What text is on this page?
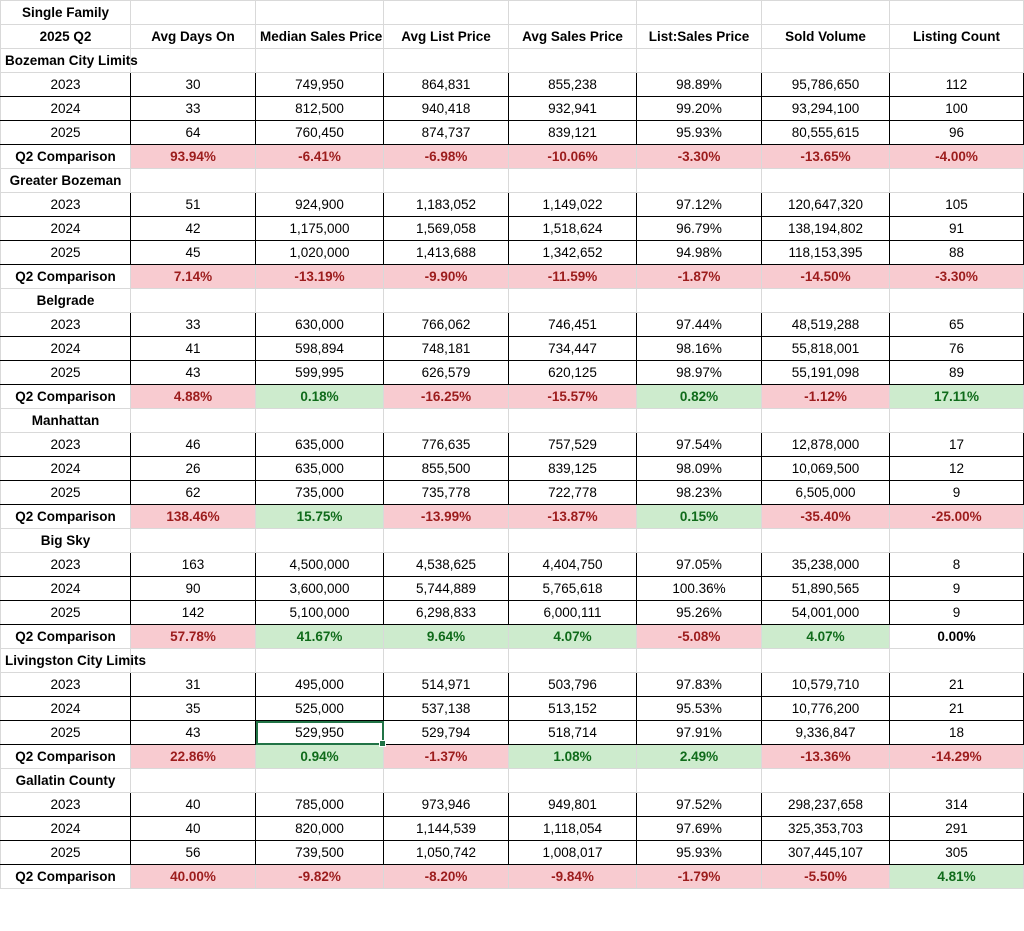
Single Family							
2025 Q2	Avg Days On	Median Sales Price	Avg List Price	Avg Sales Price	List:Sales Price	Sold Volume	Listing Count
Bozeman City Limits							
2023	30	749,950	864,831	855,238	98.89%	95,786,650	112
2024	33	812,500	940,418	932,941	99.20%	93,294,100	100
2025	64	760,450	874,737	839,121	95.93%	80,555,615	96
Q2 Comparison	93.94%	-6.41%	-6.98%	-10.06%	-3.30%	-13.65%	-4.00%
Greater Bozeman							
2023	51	924,900	1,183,052	1,149,022	97.12%	120,647,320	105
2024	42	1,175,000	1,569,058	1,518,624	96.79%	138,194,802	91
2025	45	1,020,000	1,413,688	1,342,652	94.98%	118,153,395	88
Q2 Comparison	7.14%	-13.19%	-9.90%	-11.59%	-1.87%	-14.50%	-3.30%
Belgrade							
2023	33	630,000	766,062	746,451	97.44%	48,519,288	65
2024	41	598,894	748,181	734,447	98.16%	55,818,001	76
2025	43	599,995	626,579	620,125	98.97%	55,191,098	89
Q2 Comparison	4.88%	0.18%	-16.25%	-15.57%	0.82%	-1.12%	17.11%
Manhattan							
2023	46	635,000	776,635	757,529	97.54%	12,878,000	17
2024	26	635,000	855,500	839,125	98.09%	10,069,500	12
2025	62	735,000	735,778	722,778	98.23%	6,505,000	9
Q2 Comparison	138.46%	15.75%	-13.99%	-13.87%	0.15%	-35.40%	-25.00%
Big Sky							
2023	163	4,500,000	4,538,625	4,404,750	97.05%	35,238,000	8
2024	90	3,600,000	5,744,889	5,765,618	100.36%	51,890,565	9
2025	142	5,100,000	6,298,833	6,000,111	95.26%	54,001,000	9
Q2 Comparison	57.78%	41.67%	9.64%	4.07%	-5.08%	4.07%	0.00%
Livingston City Limits							
2023	31	495,000	514,971	503,796	97.83%	10,579,710	21
2024	35	525,000	537,138	513,152	95.53%	10,776,200	21
2025	43	529,950	529,794	518,714	97.91%	9,336,847	18
Q2 Comparison	22.86%	0.94%	-1.37%	1.08%	2.49%	-13.36%	-14.29%
Gallatin County							
2023	40	785,000	973,946	949,801	97.52%	298,237,658	314
2024	40	820,000	1,144,539	1,118,054	97.69%	325,353,703	291
2025	56	739,500	1,050,742	1,008,017	95.93%	307,445,107	305
Q2 Comparison	40.00%	-9.82%	-8.20%	-9.84%	-1.79%	-5.50%	4.81%
